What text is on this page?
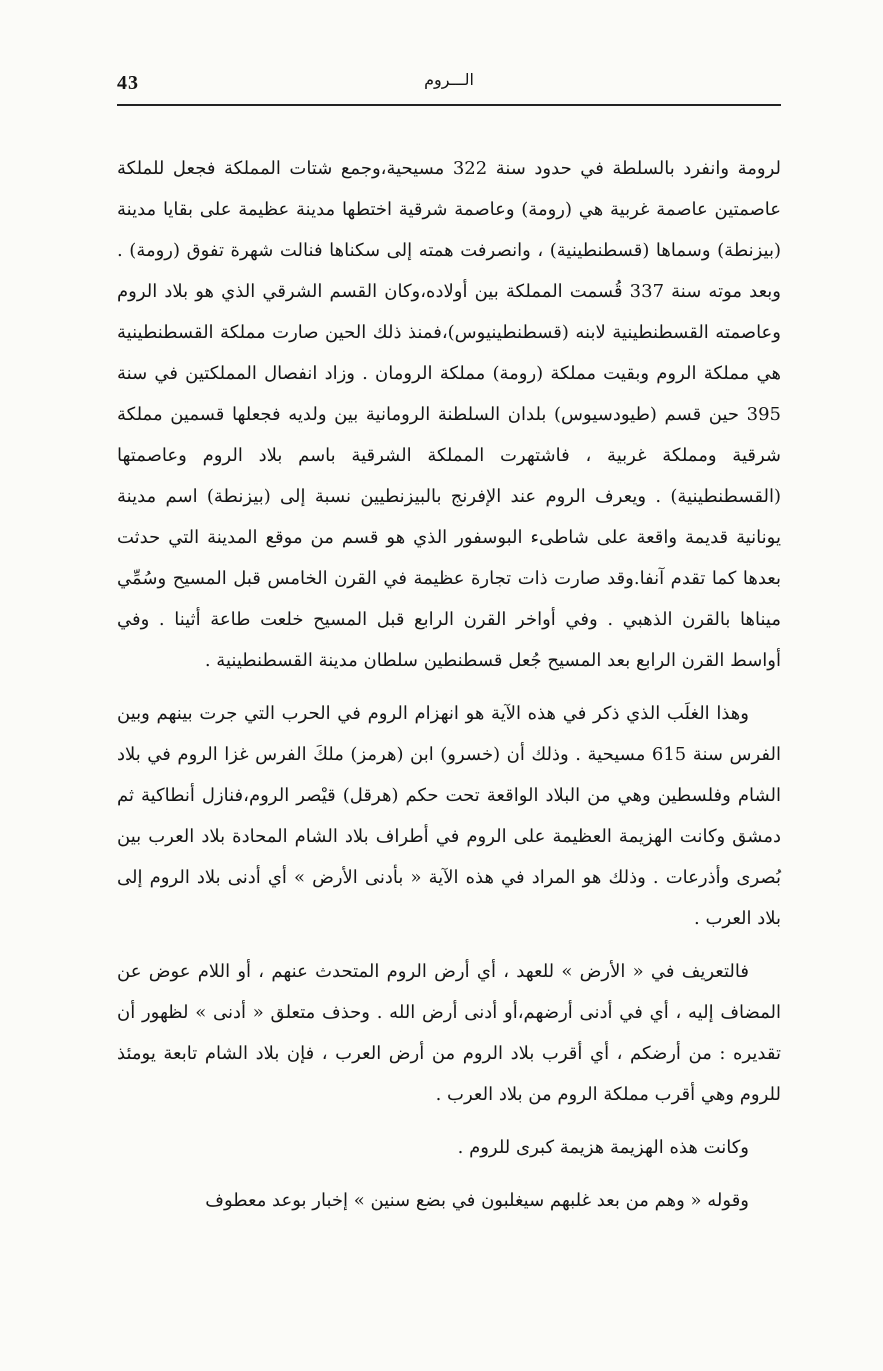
43	الـــروم

لرومة وانفرد بالسلطة في حدود سنة 322 مسيحية،وجمع شتات المملكة فجعل للملكة عاصمتين عاصمة غربية هي (رومة) وعاصمة شرقية اختطها مدينة عظيمة على بقايا مدينة (بيزنطة) وسماها (قسطنطينية) ، وانصرفت همته إلى سكناها فنالت شهرة تفوق (رومة) . وبعد موته سنة 337 قُسمت المملكة بين أولاده،وكان القسم الشرقي الذي هو بلاد الروم وعاصمته القسطنطينية لابنه (قسطنطينيوس)،فمنذ ذلك الحين صارت مملكة القسطنطينية هي مملكة الروم وبقيت مملكة (رومة) مملكة الرومان . وزاد انفصال المملكتين في سنة 395 حين قسم (طيودسيوس) بلدان السلطنة الرومانية بين ولديه فجعلها قسمين مملكة شرقية ومملكة غربية ، فاشتهرت المملكة الشرقية باسم بلاد الروم وعاصمتها (القسطنطينية) . ويعرف الروم عند الإفرنج بالبيزنطيين نسبة إلى (بيزنطة) اسم مدينة يونانية قديمة واقعة على شاطىء البوسفور الذي هو قسم من موقع المدينة التي حدثت بعدها كما تقدم آنفا.وقد صارت ذات تجارة عظيمة في القرن الخامس قبل المسيح وسُمِّي ميناها بالقرن الذهبي . وفي أواخر القرن الرابع قبل المسيح خلعت طاعة أثينا . وفي أواسط القرن الرابع بعد المسيح جُعل قسطنطين سلطان مدينة القسطنطينية .

وهذا الغلَب الذي ذكر في هذه الآية هو انهزام الروم في الحرب التي جرت بينهم وبين الفرس سنة 615 مسيحية . وذلك أن (خسرو) ابن (هرمز) ملكَ الفرس غزا الروم في بلاد الشام وفلسطين وهي من البلاد الواقعة تحت حكم (هرقل) قيْصر الروم،فنازل أنطاكية ثم دمشق وكانت الهزيمة العظيمة على الروم في أطراف بلاد الشام المحادة بلاد العرب بين بُصرى وأذرعات . وذلك هو المراد في هذه الآية « بأدنى الأرض » أي أدنى بلاد الروم إلى بلاد العرب .

فالتعريف في « الأرض » للعهد ، أي أرض الروم المتحدث عنهم ، أو اللام عوض عن المضاف إليه ، أي في أدنى أرضهم،أو أدنى أرض الله . وحذف متعلق « أدنى » لظهور أن تقديره : من أرضكم ، أي أقرب بلاد الروم من أرض العرب ، فإن بلاد الشام تابعة يومئذ للروم وهي أقرب مملكة الروم من بلاد العرب .

وكانت هذه الهزيمة هزيمة كبرى للروم .

وقوله « وهم من بعد غلبهم سيغلبون في بضع سنين » إخبار بوعد معطوف
